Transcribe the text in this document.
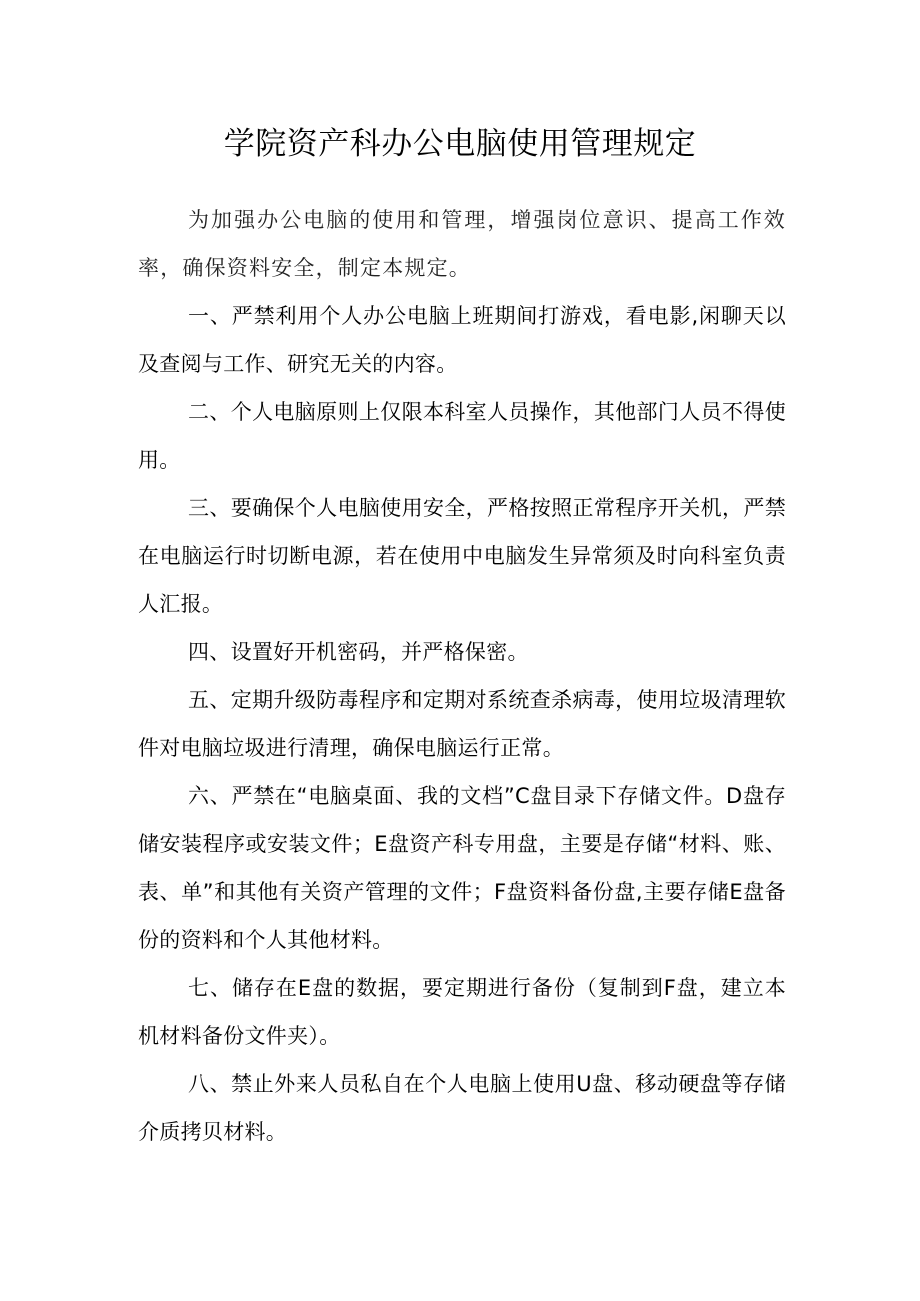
学院资产科办公电脑使用管理规定

为加强办公电脑的使用和管理，增强岗位意识、提高工作效率，确保资料安全，制定本规定。

一、严禁利用个人办公电脑上班期间打游戏，看电影,闲聊天以及查阅与工作、研究无关的内容。

二、个人电脑原则上仅限本科室人员操作，其他部门人员不得使用。

三、要确保个人电脑使用安全，严格按照正常程序开关机，严禁在电脑运行时切断电源，若在使用中电脑发生异常须及时向科室负责人汇报。

四、设置好开机密码，并严格保密。

五、定期升级防毒程序和定期对系统查杀病毒，使用垃圾清理软件对电脑垃圾进行清理，确保电脑运行正常。

六、严禁在“电脑桌面、我的文档”C盘目录下存储文件。D盘存储安装程序或安装文件；E盘资产科专用盘，主要是存储“材料、账、表、单”和其他有关资产管理的文件；F盘资料备份盘,主要存储E盘备份的资料和个人其他材料。

七、储存在E盘的数据，要定期进行备份（复制到F盘，建立本机材料备份文件夹）。

八、禁止外来人员私自在个人电脑上使用U盘、移动硬盘等存储介质拷贝材料。
